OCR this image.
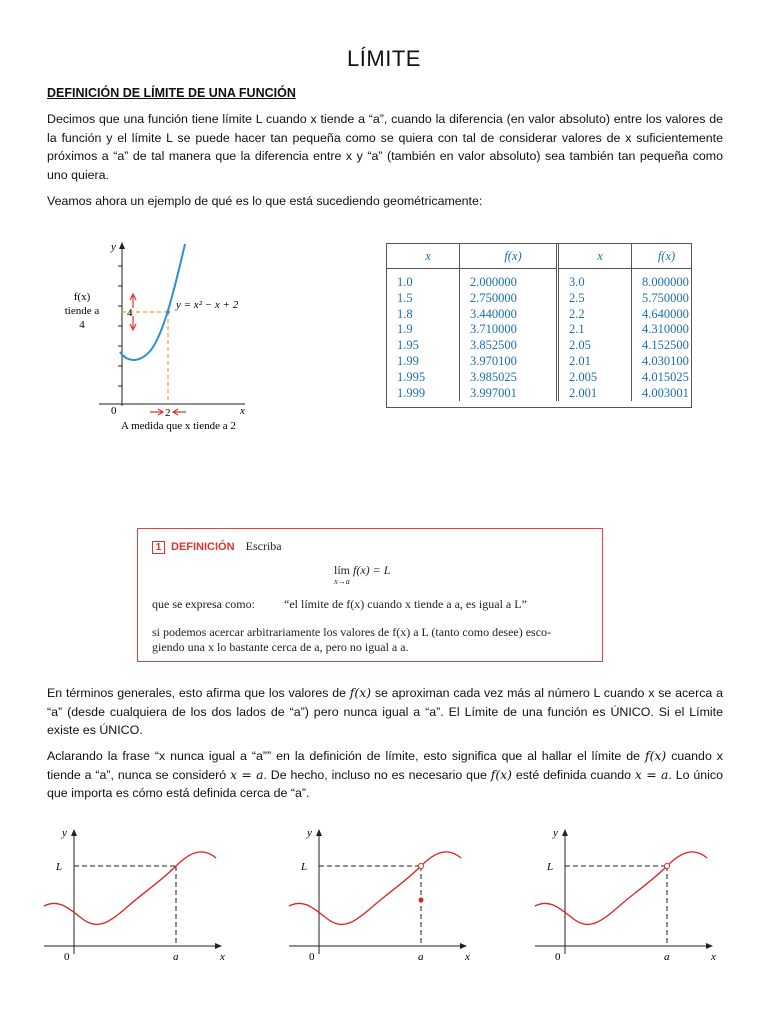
LÍMITE
DEFINICIÓN DE LÍMITE DE UNA FUNCIÓN
Decimos que una función tiene límite L cuando x tiende a “a”, cuando la diferencia (en valor absoluto) entre los valores de la función y el límite L se puede hacer tan pequeña como se quiera con tal de considerar valores de x suficientemente próximos a “a” de tal manera que la diferencia entre x y “a” (también en valor absoluto) sea también tan pequeña como uno quiera.
Veamos ahora un ejemplo de qué es lo que está sucediendo geométricamente:
y
x
0
4
2
y = x² − x + 2
f(x)
tiende a
4
A medida que x tiende a 2
x	f(x)	x	f(x)
1.0	2.000000	3.0	8.000000
1.5	2.750000	2.5	5.750000
1.8	3.440000	2.2	4.640000
1.9	3.710000	2.1	4.310000
1.95	3.852500	2.05	4.152500
1.99	3.970100	2.01	4.030100
1.995	3.985025	2.005	4.015025
1.999	3.997001	2.001	4.003001
1 DEFINICIÓN Escriba
lím
x→a
f(x) = L
que se expresa como: “el límite de f(x) cuando x tiende a a, es igual a L”
si podemos acercar arbitrariamente los valores de f(x) a L (tanto como desee) esco-
giendo una x lo bastante cerca de a, pero no igual a a.
En términos generales, esto afirma que los valores de f(x) se aproximan cada vez más al número L cuando x se acerca a “a” (desde cualquiera de los dos lados de “a”) pero nunca igual a “a”. El Límite de una función es ÚNICO. Si el Límite existe es ÚNICO.
Aclarando la frase “x nunca igual a “a”” en la definición de límite, esto significa que al hallar el límite de f(x) cuando x tiende a “a”, nunca se consideró x = a. De hecho, incluso no es necesario que f(x) esté definida cuando x = a. Lo único que importa es cómo está definida cerca de “a”.
y
L
0	a	x
y
L
0	a	x
y
L
0	a	x
